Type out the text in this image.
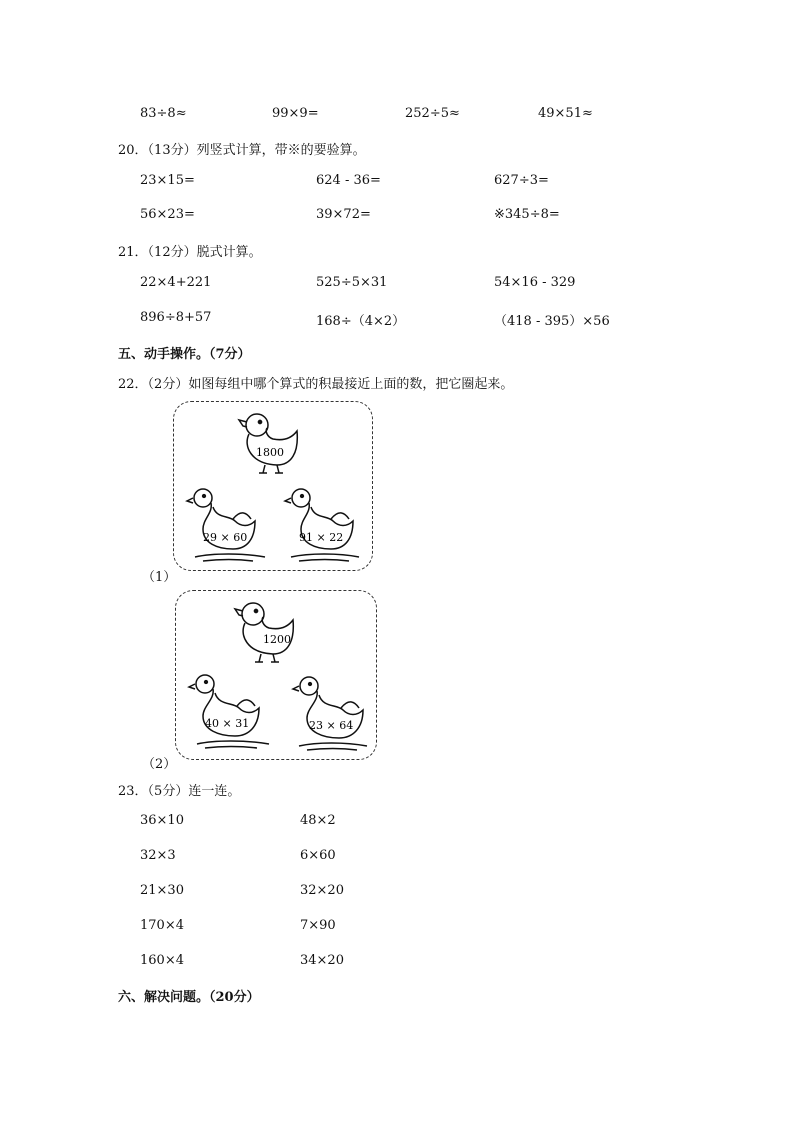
83÷8≈	99×9=	252÷5≈	49×51≈
20．（13分）列竖式计算，带※的要验算。
23×15=	624 - 36=	627÷3=
56×23=	39×72=	※345÷8=
21．（12分）脱式计算。
22×4+221	525÷5×31	54×16 - 329
896÷8+57	168÷（4×2）	（418 - 395）×56
五、动手操作。（7分）
22．（2分）如图每组中哪个算式的积最接近上面的数，把它圈起来。
1800
29 × 60	91 × 22
（1）
1200
40 × 31	23 × 64
（2）
23．（5分）连一连。
36×10	48×2
32×3	6×60
21×30	32×20
170×4	7×90
160×4	34×20
六、解决问题。（20分）
